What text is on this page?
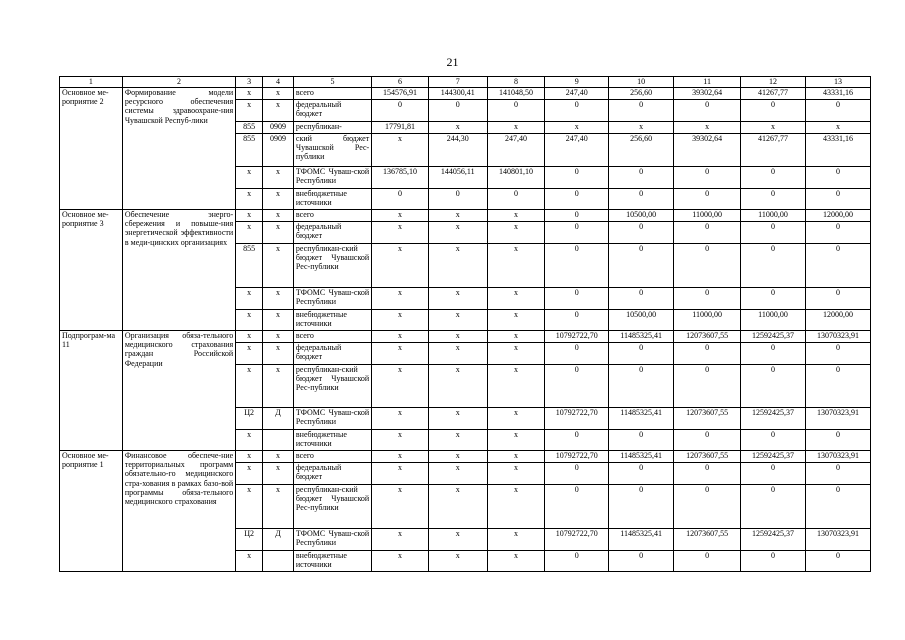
21
1	2	3	4	5	6	7	8	9	10	11	12	13
Основное ме-роприятие 2	Формирование модели ресурсного обеспечения системы здравоохране-ния Чувашской Респуб-лики	x	x	всего	154576,91	144300,41	141048,50	247,40	256,60	39302,64	41267,77	43331,16
		x	x	федеральный бюджет	0	0	0	0	0	0	0	0
		855	0909	республикан-	17791,81	x	x	x	x	x	x	x
		855	0909	ский бюджет Чувашской Рес-публики	x	244,30	247,40	247,40	256,60	39302,64	41267,77	43331,16
		x	x	ТФОМС Чуваш-ской Республики	136785,10	144056,11	140801,10	0	0	0	0	0
		x	x	внебюджетные источники	0	0	0	0	0	0	0	0
Основное ме-роприятие 3	Обеспечение энерго-сбережения и повыше-ния энергетической эффективности в меди-цинских организациях	x	x	всего	x	x	x	0	10500,00	11000,00	11000,00	12000,00
		x	x	федеральный бюджет	x	x	x	0	0	0	0	0
		855	x	республикан-ский бюджет Чувашской Рес-публики	x	x	x	0	0	0	0	0
		x	x	ТФОМС Чуваш-ской Республики	x	x	x	0	0	0	0	0
		x	x	внебюджетные источники	x	x	x	0	10500,00	11000,00	11000,00	12000,00
Подпрограм-ма 11	Организация обяза-тельного медицинского страхования граждан Российской Федерации	x	x	всего	x	x	x	10792722,70	11485325,41	12073607,55	12592425,37	13070323,91
		x	x	федеральный бюджет	x	x	x	0	0	0	0	0
		x	x	республикан-ский бюджет Чувашской Рес-публики	x	x	x	0	0	0	0	0
		Ц2	Д	ТФОМС Чуваш-ской Республики	x	x	x	10792722,70	11485325,41	12073607,55	12592425,37	13070323,91
		x		внебюджетные источники	x	x	x	0	0	0	0	0
Основное ме-роприятие 1	Финансовое обеспече-ние территориальных программ обязательно-го медицинского стра-хования в рамках базо-вой программы обяза-тельного медицинского страхования	x	x	всего	x	x	x	10792722,70	11485325,41	12073607,55	12592425,37	13070323,91
		x	x	федеральный бюджет	x	x	x	0	0	0	0	0
		x	x	республикан-ский бюджет Чувашской Рес-публики	x	x	x	0	0	0	0	0
		Ц2	Д	ТФОМС Чуваш-ской Республики	x	x	x	10792722,70	11485325,41	12073607,55	12592425,37	13070323,91
		x		внебюджетные источники	x	x	x	0	0	0	0	0
